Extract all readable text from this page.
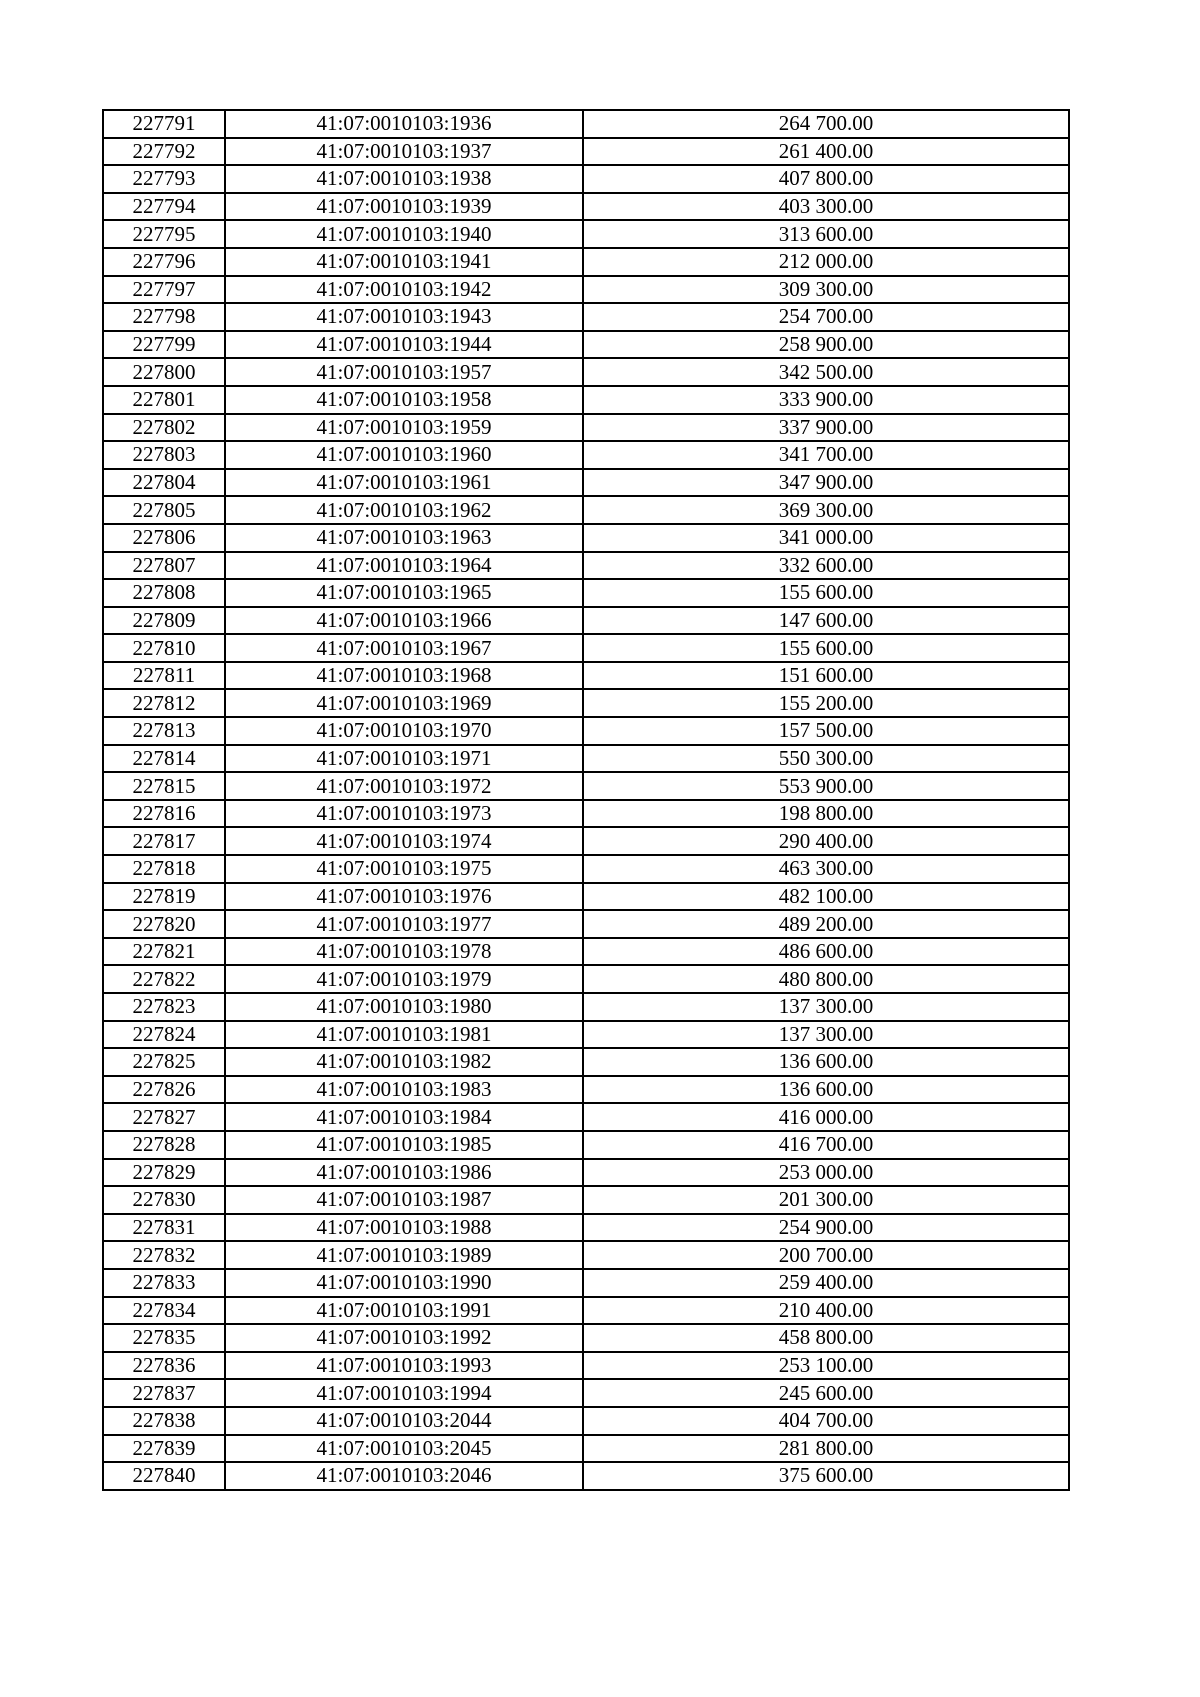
227791	41:07:0010103:1936	264 700.00
227792	41:07:0010103:1937	261 400.00
227793	41:07:0010103:1938	407 800.00
227794	41:07:0010103:1939	403 300.00
227795	41:07:0010103:1940	313 600.00
227796	41:07:0010103:1941	212 000.00
227797	41:07:0010103:1942	309 300.00
227798	41:07:0010103:1943	254 700.00
227799	41:07:0010103:1944	258 900.00
227800	41:07:0010103:1957	342 500.00
227801	41:07:0010103:1958	333 900.00
227802	41:07:0010103:1959	337 900.00
227803	41:07:0010103:1960	341 700.00
227804	41:07:0010103:1961	347 900.00
227805	41:07:0010103:1962	369 300.00
227806	41:07:0010103:1963	341 000.00
227807	41:07:0010103:1964	332 600.00
227808	41:07:0010103:1965	155 600.00
227809	41:07:0010103:1966	147 600.00
227810	41:07:0010103:1967	155 600.00
227811	41:07:0010103:1968	151 600.00
227812	41:07:0010103:1969	155 200.00
227813	41:07:0010103:1970	157 500.00
227814	41:07:0010103:1971	550 300.00
227815	41:07:0010103:1972	553 900.00
227816	41:07:0010103:1973	198 800.00
227817	41:07:0010103:1974	290 400.00
227818	41:07:0010103:1975	463 300.00
227819	41:07:0010103:1976	482 100.00
227820	41:07:0010103:1977	489 200.00
227821	41:07:0010103:1978	486 600.00
227822	41:07:0010103:1979	480 800.00
227823	41:07:0010103:1980	137 300.00
227824	41:07:0010103:1981	137 300.00
227825	41:07:0010103:1982	136 600.00
227826	41:07:0010103:1983	136 600.00
227827	41:07:0010103:1984	416 000.00
227828	41:07:0010103:1985	416 700.00
227829	41:07:0010103:1986	253 000.00
227830	41:07:0010103:1987	201 300.00
227831	41:07:0010103:1988	254 900.00
227832	41:07:0010103:1989	200 700.00
227833	41:07:0010103:1990	259 400.00
227834	41:07:0010103:1991	210 400.00
227835	41:07:0010103:1992	458 800.00
227836	41:07:0010103:1993	253 100.00
227837	41:07:0010103:1994	245 600.00
227838	41:07:0010103:2044	404 700.00
227839	41:07:0010103:2045	281 800.00
227840	41:07:0010103:2046	375 600.00
